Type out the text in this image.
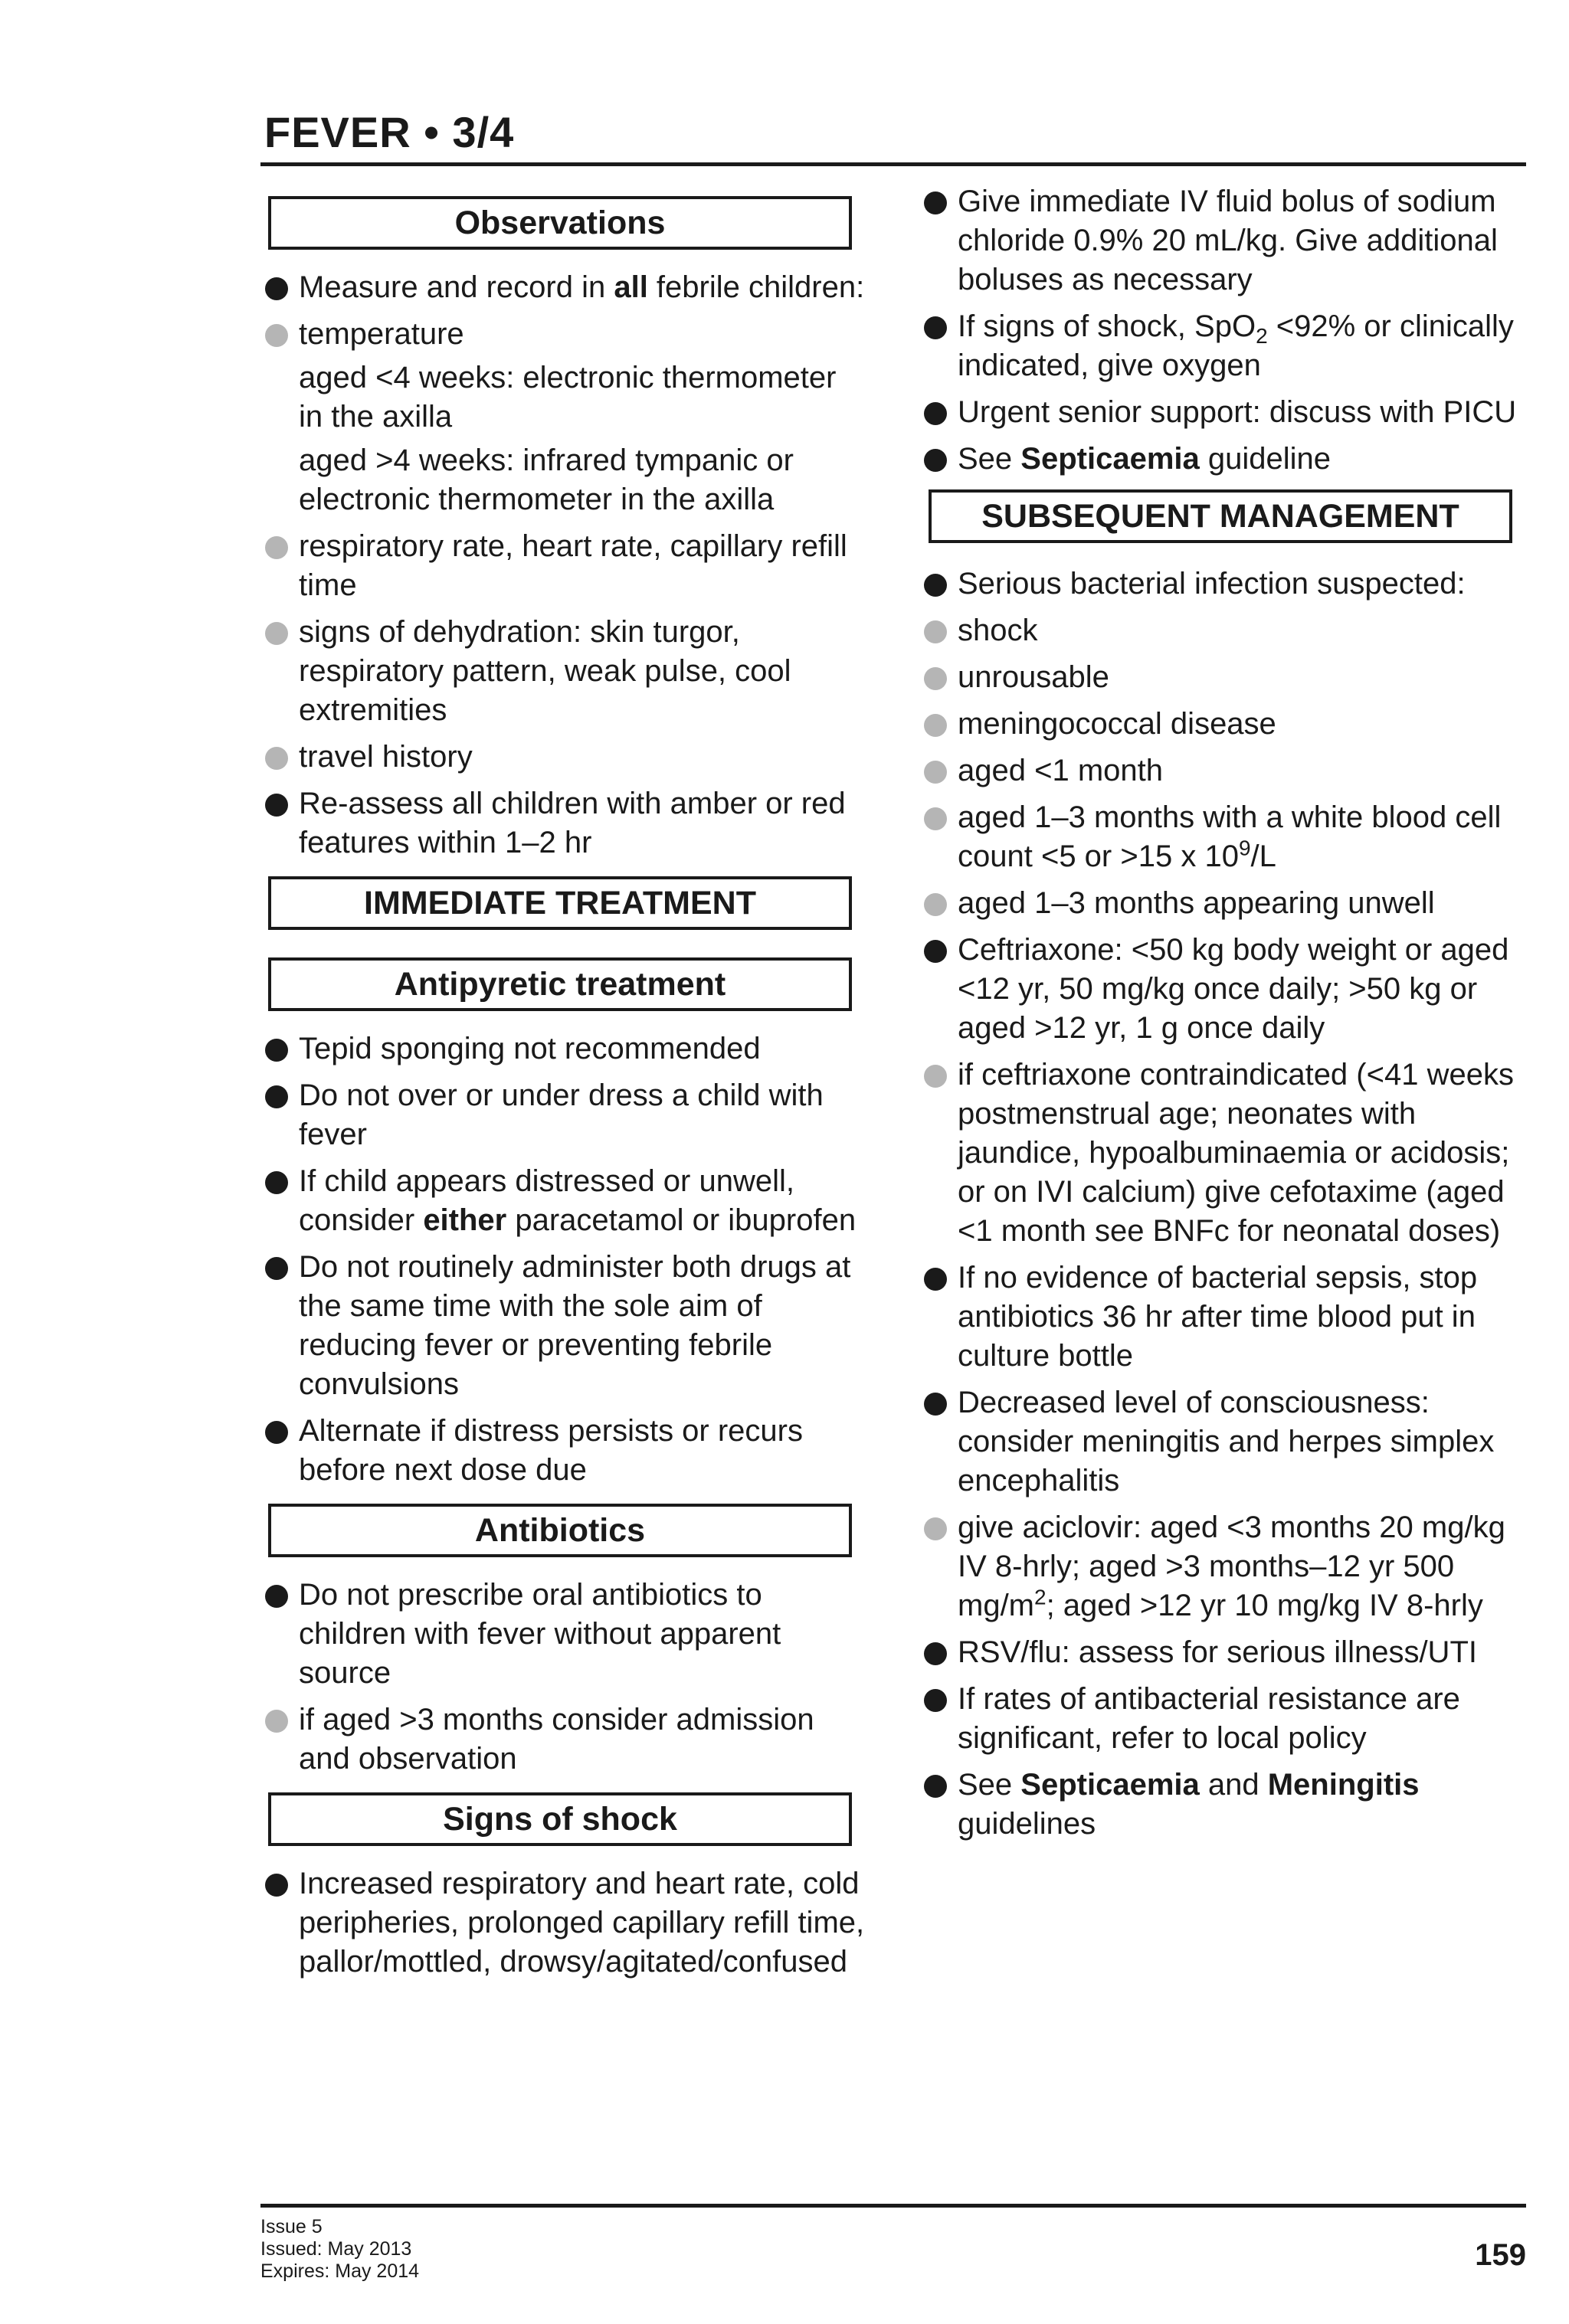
FEVER • 3/4
Observations
Measure and record in all febrile children:
temperature
aged <4 weeks: electronic thermometer in the axilla
aged >4 weeks: infrared tympanic or electronic thermometer in the axilla
respiratory rate, heart rate, capillary refill time
signs of dehydration: skin turgor, respiratory pattern, weak pulse, cool extremities
travel history
Re-assess all children with amber or red features within 1–2 hr
IMMEDIATE TREATMENT
Antipyretic treatment
Tepid sponging not recommended
Do not over or under dress a child with fever
If child appears distressed or unwell, consider either paracetamol or ibuprofen
Do not routinely administer both drugs at the same time with the sole aim of reducing fever or preventing febrile convulsions
Alternate if distress persists or recurs before next dose due
Antibiotics
Do not prescribe oral antibiotics to children with fever without apparent source
if aged >3 months consider admission and observation
Signs of shock
Increased respiratory and heart rate, cold peripheries, prolonged capillary refill time, pallor/mottled, drowsy/agitated/confused
Give immediate IV fluid bolus of sodium chloride 0.9% 20 mL/kg. Give additional boluses as necessary
If signs of shock, SpO$_2$ <92% or clinically indicated, give oxygen
Urgent senior support: discuss with PICU
See Septicaemia guideline
SUBSEQUENT MANAGEMENT
Serious bacterial infection suspected:
shock
unrousable
meningococcal disease
aged <1 month
aged 1–3 months with a white blood cell count <5 or >15 x $10^9/L$
aged 1–3 months appearing unwell
Ceftriaxone: <50 kg body weight or aged <12 yr, 50 mg/kg once daily; >50 kg or aged >12 yr, 1 g once daily
if ceftriaxone contraindicated (<41 weeks postmenstrual age; neonates with jaundice, hypoalbuminaemia or acidosis; or on IVI calcium) give cefotaxime (aged <1 month see BNFc for neonatal doses)
If no evidence of bacterial sepsis, stop antibiotics 36 hr after time blood put in culture bottle
Decreased level of consciousness: consider meningitis and herpes simplex encephalitis
give aciclovir: aged <3 months 20 mg/kg IV 8-hrly; aged >3 months–12 yr 500 $mg/m^2$; aged >12 yr 10 mg/kg IV 8-hrly
RSV/flu: assess for serious illness/UTI
If rates of antibacterial resistance are significant, refer to local policy
See Septicaemia and Meningitis guidelines
Issue 5
Issued: May 2013
Expires: May 2014	159
